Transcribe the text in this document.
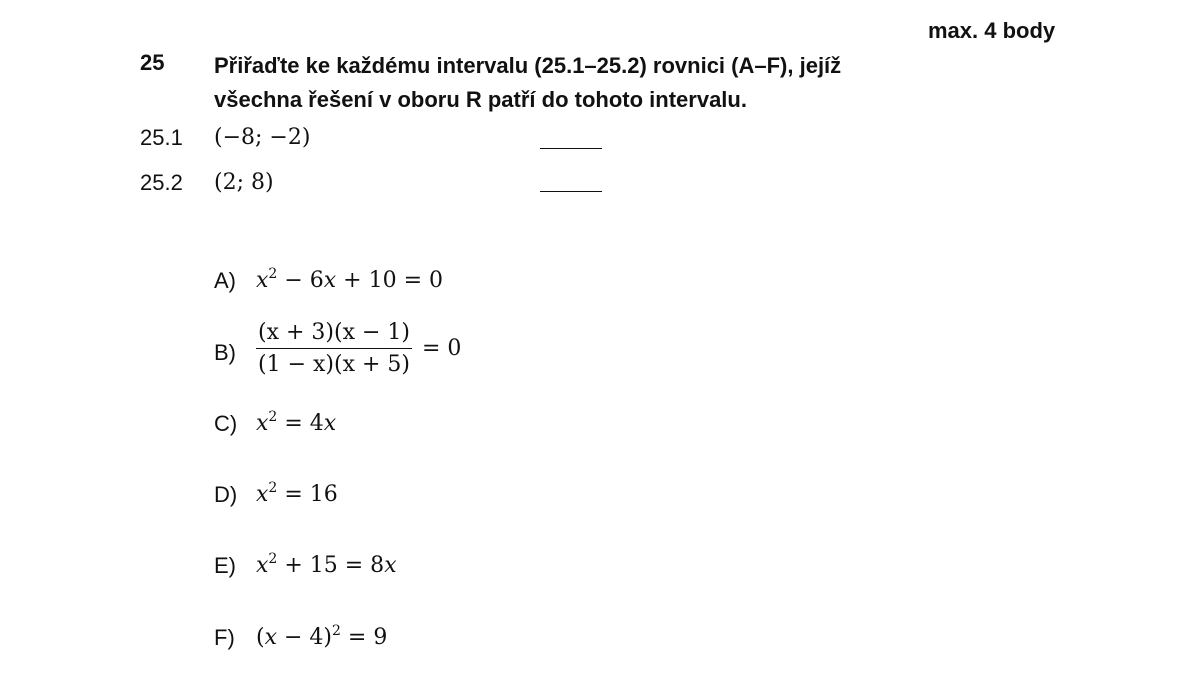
max. 4 body
25 Přiřaďte ke každému intervalu (25.1–25.2) rovnici (A–F), jejíž
všechna řešení v oboru R patří do tohoto intervalu.
25.1 (−8; −2)
25.2 (2; 8)
A) $x^2 - 6x + 10 = 0$
$B) \frac{(x + 3)(x - 1)}{(1 - x)(x + 5)} = 0$
C) $x^2 = 4x$
D) $x^2 = 16$
E) $x^2 + 15 = 8x$
F) $(x - 4)^2 = 9$
